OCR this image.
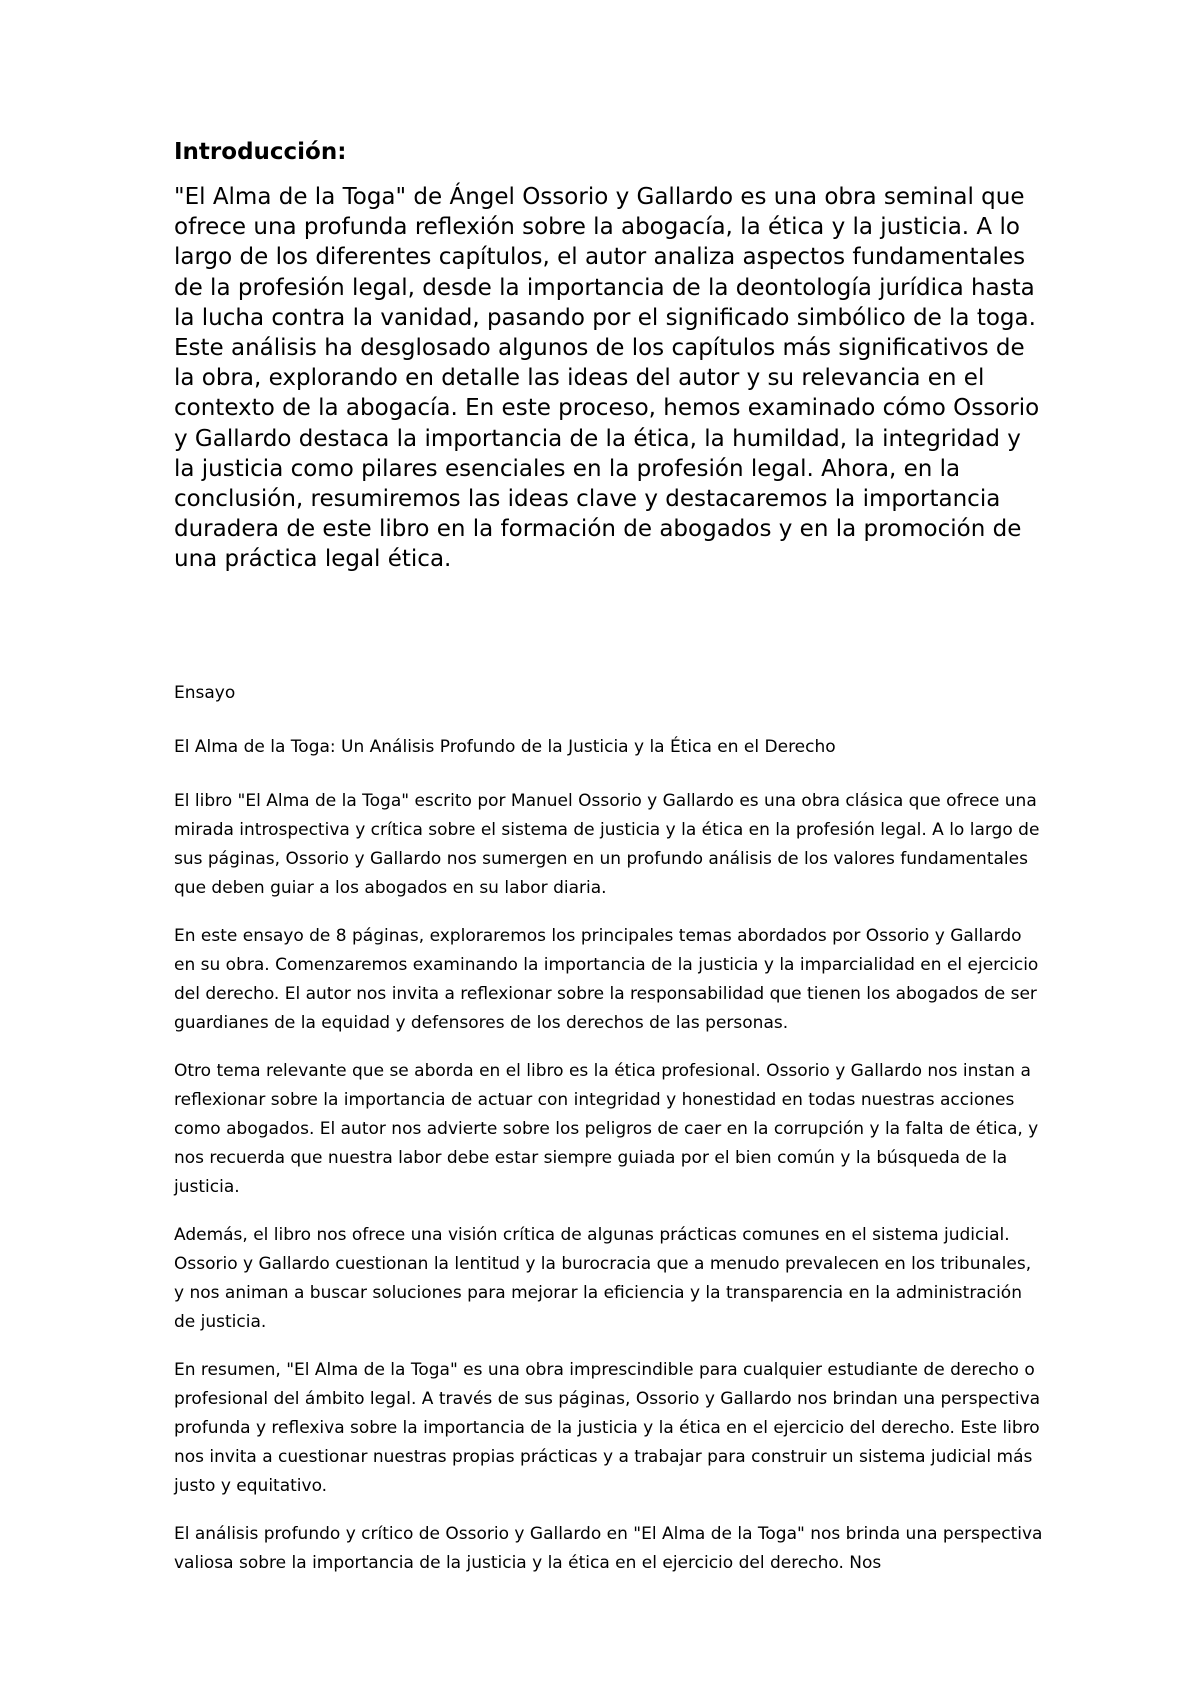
Introducción:

"El Alma de la Toga" de Ángel Ossorio y Gallardo es una obra seminal que ofrece una profunda reflexión sobre la abogacía, la ética y la justicia. A lo largo de los diferentes capítulos, el autor analiza aspectos fundamentales de la profesión legal, desde la importancia de la deontología jurídica hasta la lucha contra la vanidad, pasando por el significado simbólico de la toga. Este análisis ha desglosado algunos de los capítulos más significativos de la obra, explorando en detalle las ideas del autor y su relevancia en el contexto de la abogacía. En este proceso, hemos examinado cómo Ossorio y Gallardo destaca la importancia de la ética, la humildad, la integridad y la justicia como pilares esenciales en la profesión legal. Ahora, en la conclusión, resumiremos las ideas clave y destacaremos la importancia duradera de este libro en la formación de abogados y en la promoción de una práctica legal ética.

Ensayo

El Alma de la Toga: Un Análisis Profundo de la Justicia y la Ética en el Derecho

El libro "El Alma de la Toga" escrito por Manuel Ossorio y Gallardo es una obra clásica que ofrece una mirada introspectiva y crítica sobre el sistema de justicia y la ética en la profesión legal. A lo largo de sus páginas, Ossorio y Gallardo nos sumergen en un profundo análisis de los valores fundamentales que deben guiar a los abogados en su labor diaria.

En este ensayo de 8 páginas, exploraremos los principales temas abordados por Ossorio y Gallardo en su obra. Comenzaremos examinando la importancia de la justicia y la imparcialidad en el ejercicio del derecho. El autor nos invita a reflexionar sobre la responsabilidad que tienen los abogados de ser guardianes de la equidad y defensores de los derechos de las personas.

Otro tema relevante que se aborda en el libro es la ética profesional. Ossorio y Gallardo nos instan a reflexionar sobre la importancia de actuar con integridad y honestidad en todas nuestras acciones como abogados. El autor nos advierte sobre los peligros de caer en la corrupción y la falta de ética, y nos recuerda que nuestra labor debe estar siempre guiada por el bien común y la búsqueda de la justicia.

Además, el libro nos ofrece una visión crítica de algunas prácticas comunes en el sistema judicial. Ossorio y Gallardo cuestionan la lentitud y la burocracia que a menudo prevalecen en los tribunales, y nos animan a buscar soluciones para mejorar la eficiencia y la transparencia en la administración de justicia.

En resumen, "El Alma de la Toga" es una obra imprescindible para cualquier estudiante de derecho o profesional del ámbito legal. A través de sus páginas, Ossorio y Gallardo nos brindan una perspectiva profunda y reflexiva sobre la importancia de la justicia y la ética en el ejercicio del derecho. Este libro nos invita a cuestionar nuestras propias prácticas y a trabajar para construir un sistema judicial más justo y equitativo.

El análisis profundo y crítico de Ossorio y Gallardo en "El Alma de la Toga" nos brinda una perspectiva valiosa sobre la importancia de la justicia y la ética en el ejercicio del derecho. Nos
